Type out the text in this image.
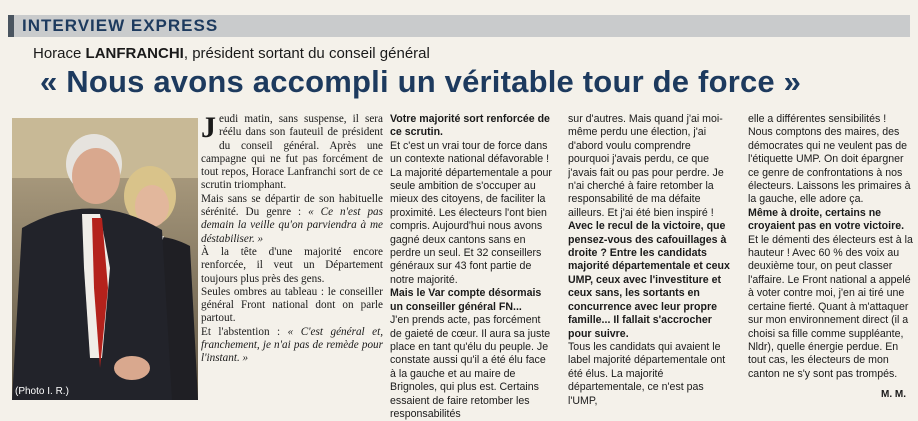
INTERVIEW EXPRESS
Horace LANFRANCHI, président sortant du conseil général
« Nous avons accompli un véritable tour de force »
(Photo I. R.)

Jeudi matin, sans suspense, il sera réélu dans son fauteuil de président du conseil général. Après une campagne qui ne fut pas forcément de tout repos, Horace Lanfranchi sort de ce scrutin triomphant.

Mais sans se départir de son habituelle sérénité. Du genre : « Ce n'est pas demain la veille qu'on parviendra à me déstabiliser. »

À la tête d'une majorité encore renforcée, il veut un Département toujours plus près des gens.

Seules ombres au tableau : le conseiller général Front national dont on parle partout.

Et l'abstention : « C'est général et, franchement, je n'ai pas de remède pour l'instant. »

Votre majorité sort renforcée de ce scrutin.

Et c'est un vrai tour de force dans un contexte national défavorable ! La majorité départementale a pour seule ambition de s'occuper au mieux des citoyens, de faciliter la proximité. Les électeurs l'ont bien compris. Aujourd'hui nous avons gagné deux cantons sans en perdre un seul. Et 32 conseillers généraux sur 43 font partie de notre majorité.

Mais le Var compte désormais un conseiller général FN...

J'en prends acte, pas forcément de gaieté de cœur. Il aura sa juste place en tant qu'élu du peuple. Je constate aussi qu'il a été élu face à la gauche et au maire de Brignoles, qui plus est. Certains essaient de faire retomber les responsabilités

sur d'autres. Mais quand j'ai moi-même perdu une élection, j'ai d'abord voulu comprendre pourquoi j'avais perdu, ce que j'avais fait ou pas pour perdre. Je n'ai cherché à faire retomber la responsabilité de ma défaite ailleurs. Et j'ai été bien inspiré !

Avec le recul de la victoire, que pensez-vous des cafouillages à droite ? Entre les candidats majorité départementale et ceux UMP, ceux avec l'investiture et ceux sans, les sortants en concurrence avec leur propre famille... Il fallait s'accrocher pour suivre.

Tous les candidats qui avaient le label majorité départementale ont été élus. La majorité départementale, ce n'est pas l'UMP,

elle a différentes sensibilités ! Nous comptons des maires, des démocrates qui ne veulent pas de l'étiquette UMP. On doit épargner ce genre de confrontations à nos électeurs. Laissons les primaires à la gauche, elle adore ça.

Même à droite, certains ne croyaient pas en votre victoire.

Et le démenti des électeurs est à la hauteur ! Avec 60 % des voix au deuxième tour, on peut classer l'affaire. Le Front national a appelé à voter contre moi, j'en ai tiré une certaine fierté. Quant à m'attaquer sur mon environnement direct (il a choisi sa fille comme suppléante, Nldr), quelle énergie perdue. En tout cas, les électeurs de mon canton ne s'y sont pas trompés.

M. M.
